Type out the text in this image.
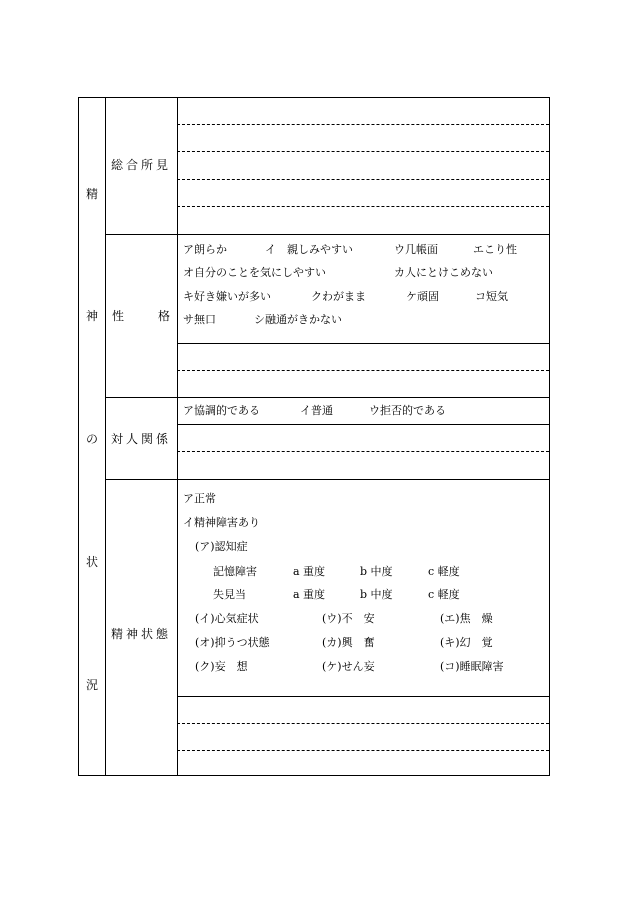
精
神
の
状
況
総合所見
性	格
ア朗らか	イ　親しみやすい	ウ几帳面	エこり性
オ自分のことを気にしやすい	カ人にとけこめない
キ好き嫌いが多い	クわがまま	ケ頑固	コ短気
サ無口	シ融通がきかない
対人関係
ア協調的である	イ普通	ウ拒否的である
精神状態
ア正常
イ精神障害あり
(ア)認知症
記憶障害	a 重度	b 中度	c 軽度
失見当	a 重度	b 中度	c 軽度
(イ)心気症状	(ウ)不　安	(エ)焦　燥
(オ)抑うつ状態	(カ)興　奮	(キ)幻　覚
(ク)妄　想	(ケ)せん妄	(コ)睡眠障害
